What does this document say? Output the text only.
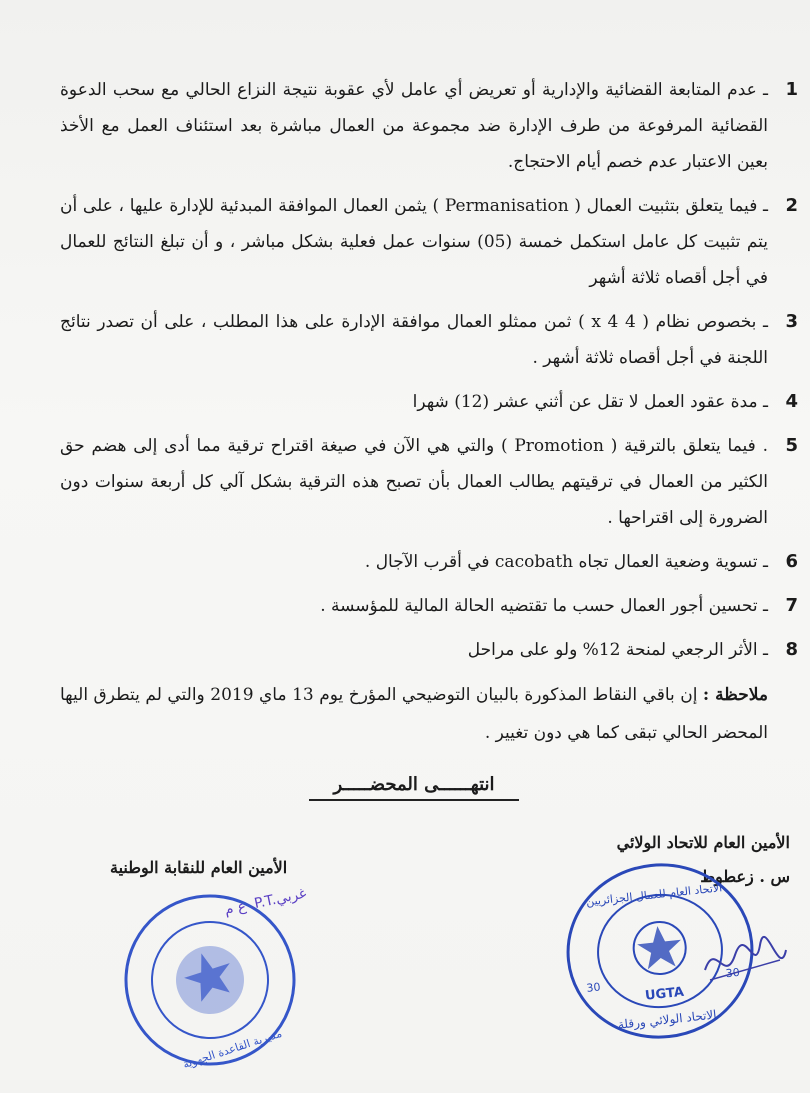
1
ـ عدم المتابعة القضائية والإدارية أو تعريض أي عامل لأي عقوبة نتيجة النزاع الحالي مع سحب الدعوة القضائية المرفوعة من طرف الإدارة ضد مجموعة من العمال مباشرة بعد استئناف العمل مع الأخذ بعين الاعتبار عدم خصم أيام الاحتجاج.
2
ـ فيما يتعلق بتثبيت العمال ( Permanisation ) يثمن العمال الموافقة المبدئية للإدارة عليها ، على أن يتم تثبيت كل عامل استكمل خمسة (05) سنوات عمل فعلية بشكل مباشر ، و أن تبلغ النتائج للعمال في أجل أقصاه ثلاثة أشهر
3
ـ بخصوص نظام ( 4 x 4 ) ثمن ممثلو العمال موافقة الإدارة على هذا المطلب ، على أن تصدر نتائج اللجنة في أجل أقصاه ثلاثة أشهر .
4
ـ مدة عقود العمل لا تقل عن أثني عشر (12) شهرا
5
. فيما يتعلق بالترقية ( Promotion ) والتي هي الآن في صيغة اقتراح ترقية مما أدى إلى هضم حق الكثير من العمال في ترقيتهم يطالب العمال بأن تصبح هذه الترقية بشكل آلي كل أربعة سنوات دون الضرورة إلى اقتراحها .
6
ـ تسوية وضعية العمال تجاه cacobath في أقرب الآجال .
7
ـ تحسين أجور العمال حسب ما تقتضيه الحالة المالية للمؤسسة .
8
ـ الأثر الرجعي لمنحة 12% ولو على مراحل
ملاحظة : إن باقي النقاط المذكورة بالبيان التوضيحي المؤرخ يوم 13 ماي 2019 والتي لم يتطرق اليها المحضر الحالي تبقى كما هي دون تغيير .
انتهــــــى المحضـــــر
الأمين العام للنقابة الوطنية
الأمين العام للاتحاد الولائي
س . زعطوط
الاتحاد العام للعمال الجزائريين
الاتحاد الولائي ورقلة
UGTA
30
30
مديرية القاعدة الجهوية
ع م .P.T.غربي
